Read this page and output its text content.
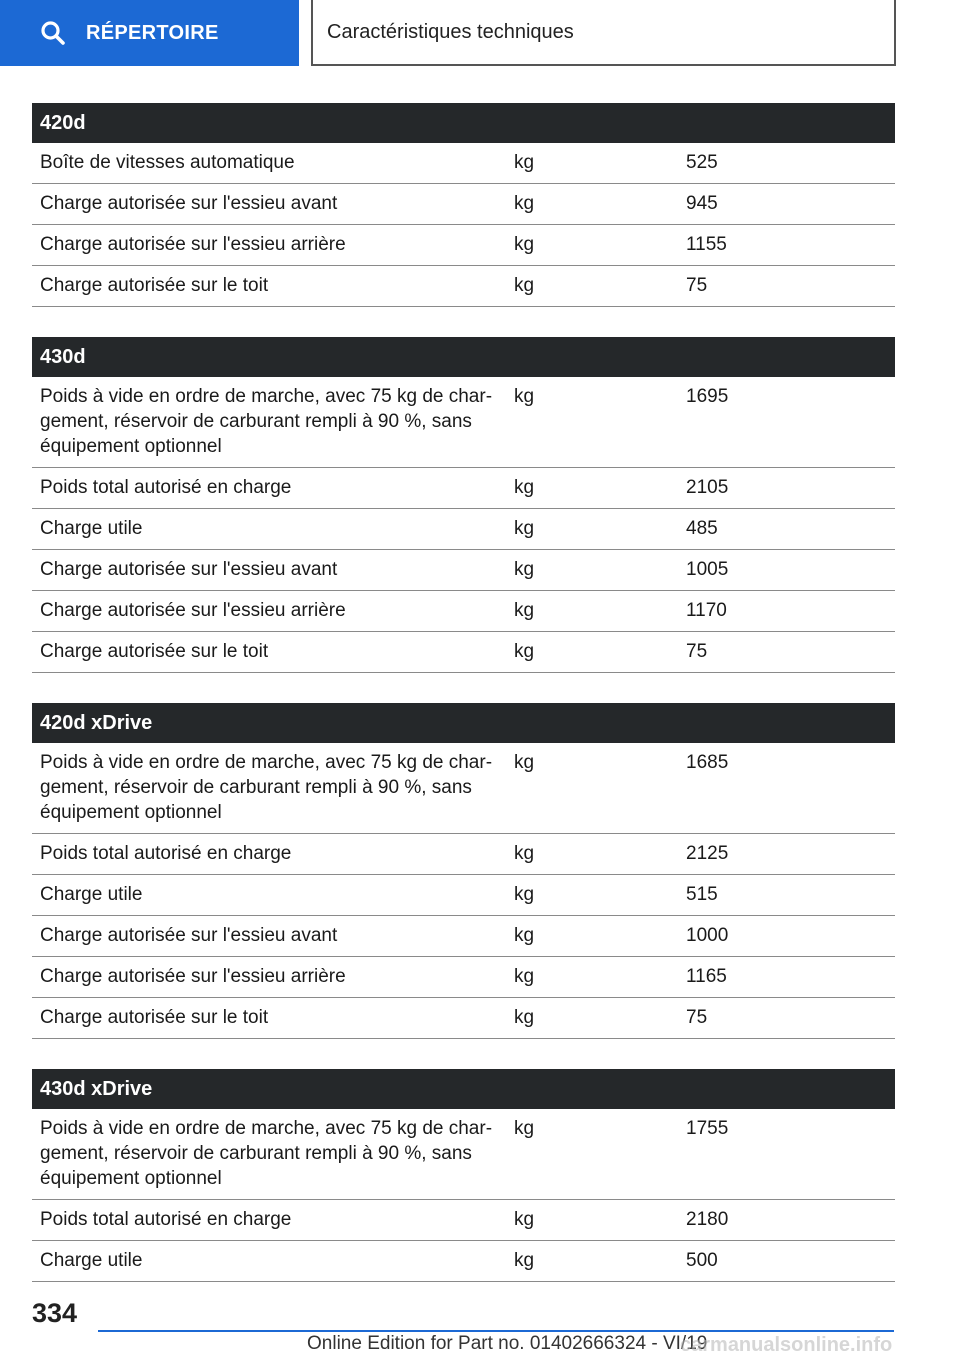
RÉPERTOIRE	Caractéristiques techniques
420d		
Boîte de vitesses automatique	kg	525
Charge autorisée sur l'essieu avant	kg	945
Charge autorisée sur l'essieu arrière	kg	1155
Charge autorisée sur le toit	kg	75
430d		
Poids à vide en ordre de marche, avec 75 kg de char-
gement, réservoir de carburant rempli à 90 %, sans
équipement optionnel	kg	1695
Poids total autorisé en charge	kg	2105
Charge utile	kg	485
Charge autorisée sur l'essieu avant	kg	1005
Charge autorisée sur l'essieu arrière	kg	1170
Charge autorisée sur le toit	kg	75
420d xDrive		
Poids à vide en ordre de marche, avec 75 kg de char-
gement, réservoir de carburant rempli à 90 %, sans
équipement optionnel	kg	1685
Poids total autorisé en charge	kg	2125
Charge utile	kg	515
Charge autorisée sur l'essieu avant	kg	1000
Charge autorisée sur l'essieu arrière	kg	1165
Charge autorisée sur le toit	kg	75
430d xDrive		
Poids à vide en ordre de marche, avec 75 kg de char-
gement, réservoir de carburant rempli à 90 %, sans
équipement optionnel	kg	1755
Poids total autorisé en charge	kg	2180
Charge utile	kg	500
334
Online Edition for Part no. 01402666324 - VI/19
carmanualsonline.info
